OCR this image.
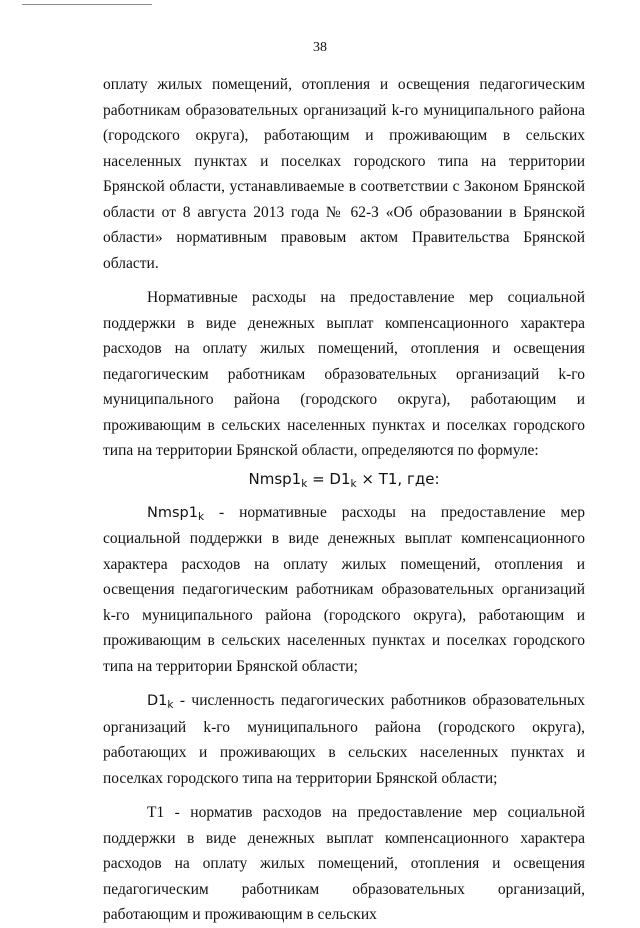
38

оплату жилых помещений, отопления и освещения педагогическим работникам образовательных организаций k-го муниципального района (городского округа), работающим и проживающим в сельских населенных пунктах и поселках городского типа на территории Брянской области, устанавливаемые в соответствии с Законом Брянской области от 8 августа 2013 года № 62-З «Об образовании в Брянской области» нормативным правовым актом Правительства Брянской области.

Нормативные расходы на предоставление мер социальной поддержки в виде денежных выплат компенсационного характера расходов на оплату жилых помещений, отопления и освещения педагогическим работникам образовательных организаций k-го муниципального района (городского округа), работающим и проживающим в сельских населенных пунктах и поселках городского типа на территории Брянской области, определяются по формуле:

$Nmsp1_k = D1_k \times T1$, где:

$Nmsp1_k$ - нормативные расходы на предоставление мер социальной поддержки в виде денежных выплат компенсационного характера расходов на оплату жилых помещений, отопления и освещения педагогическим работникам образовательных организаций k-го муниципального района (городского округа), работающим и проживающим в сельских населенных пунктах и поселках городского типа на территории Брянской области;

$D1_k$ - численность педагогических работников образовательных организаций k-го муниципального района (городского округа), работающих и проживающих в сельских населенных пунктах и поселках городского типа на территории Брянской области;

T1 - норматив расходов на предоставление мер социальной поддержки в виде денежных выплат компенсационного характера расходов на оплату жилых помещений, отопления и освещения педагогическим работникам образовательных организаций, работающим и проживающим в сельских
